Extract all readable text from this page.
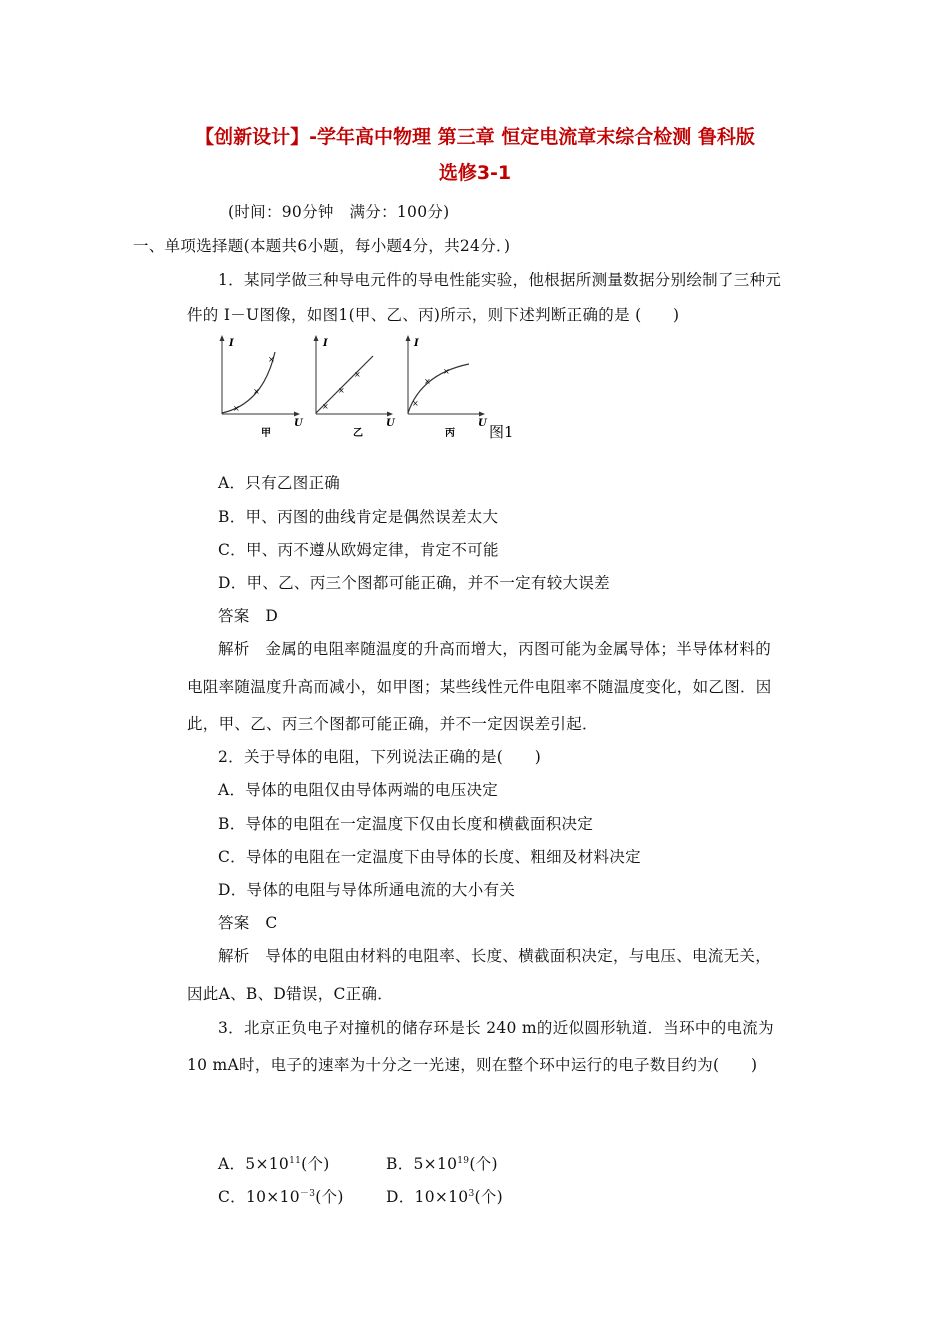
【创新设计】-学年高中物理 第三章 恒定电流章末综合检测 鲁科版
选修3-1
(时间：90分钟　满分：100分)
一、单项选择题(本题共6小题，每小题4分，共24分．)
1．某同学做三种导电元件的导电性能实验，他根据所测量数据分别绘制了三种元
件的 I－U图像，如图1(甲、乙、丙)所示，则下述判断正确的是 (　　)
I
U
×
×
×
甲
I
U
×
×
×
乙
I
U
×
×
×
丙 图1
A．只有乙图正确
B．甲、丙图的曲线肯定是偶然误差太大
C．甲、丙不遵从欧姆定律，肯定不可能
D．甲、乙、丙三个图都可能正确，并不一定有较大误差
答案　D
解析　金属的电阻率随温度的升高而增大，丙图可能为金属导体；半导体材料的
电阻率随温度升高而减小，如甲图；某些线性元件电阻率不随温度变化，如乙图．因
此，甲、乙、丙三个图都可能正确，并不一定因误差引起．
2．关于导体的电阻，下列说法正确的是(　　)
A．导体的电阻仅由导体两端的电压决定
B．导体的电阻在一定温度下仅由长度和横截面积决定
C．导体的电阻在一定温度下由导体的长度、粗细及材料决定
D．导体的电阻与导体所通电流的大小有关
答案　C
解析　导体的电阻由材料的电阻率、长度、横截面积决定，与电压、电流无关，
因此A、B、D错误，C正确．
3．北京正负电子对撞机的储存环是长 240 m的近似圆形轨道．当环中的电流为
10 mA时，电子的速率为十分之一光速，则在整个环中运行的电子数目约为(　　)
A．$5\times 10^{11}$(个)	B．$5\times 10^{19}$(个)
C．$10\times 10^{-3}$(个)	D．$10\times 10^3$(个)
